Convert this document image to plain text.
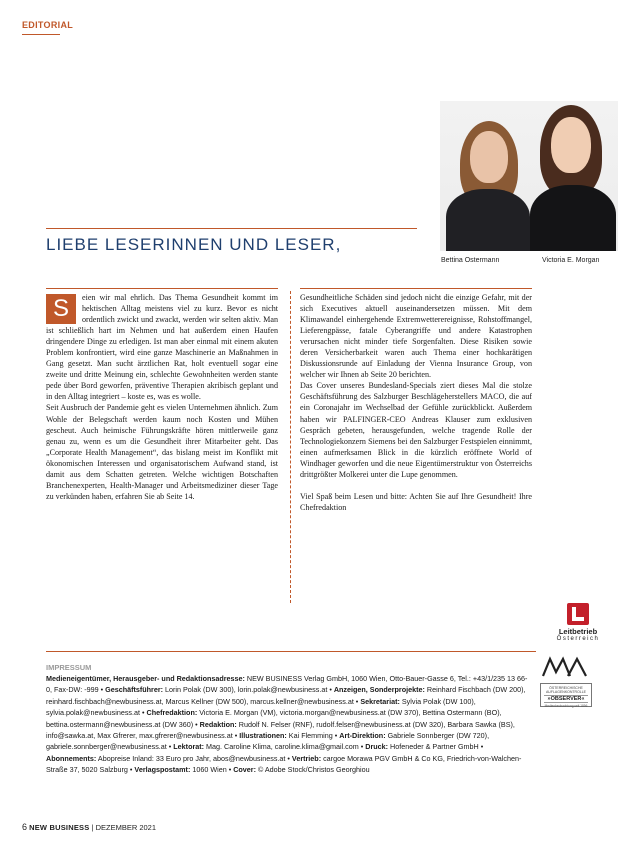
EDITORIAL
Bettina Ostermann	Victoria E. Morgan
LIEBE LESERINNEN UND LESER,
S	eien wir mal ehrlich. Das Thema Gesundheit kommt im hektischen Alltag meistens viel zu kurz. Bevor es nicht ordentlich zwickt und zwackt, werden wir selten aktiv. Man ist schließlich hart im Nehmen und hat außerdem einen Haufen dringendere Dinge zu erledigen. Ist man aber einmal mit einem akuten Problem konfrontiert, wird eine ganze Maschinerie an Maßnahmen in Gang gesetzt. Man sucht ärztlichen Rat, holt eventuell sogar eine zweite und dritte Meinung ein, schlechte Gewohnheiten werden stante pede über Bord geworfen, präventive Therapien akribisch geplant und in den Alltag integriert – koste es, was es wolle.

Seit Ausbruch der Pandemie geht es vielen Unternehmen ähnlich. Zum Wohle der Belegschaft werden kaum noch Kosten und Mühen gescheut. Auch heimische Führungskräfte hören mittlerweile ganz genau zu, wenn es um die Gesundheit ihrer Mitarbeiter geht. Das „Corporate Health Management“, das bislang meist im Konflikt mit ökonomischen Interessen und organisatorischem Aufwand stand, ist damit aus dem Schatten getreten. Welche wichtigen Botschaften Branchenexperten, Health-Manager und Arbeitsmediziner dieser Tage zu verkünden haben, erfahren Sie ab Seite 14.

Gesundheitliche Schäden sind jedoch nicht die einzige Gefahr, mit der sich Executives aktuell auseinandersetzen müssen. Mit dem Klimawandel einhergehende Extremwetterereignisse, Rohstoffmangel, Lieferengpässe, fatale Cyberangriffe und andere Katastrophen verursachen nicht minder tiefe Sorgenfalten. Diese Risiken sowie deren Versicherbarkeit waren auch Thema einer hochkarätigen Diskussionsrunde auf Einladung der Vienna Insurance Group, von welcher wir Ihnen ab Seite 20 berichten.

Das Cover unseres Bundesland-Specials ziert dieses Mal die stolze Geschäftsführung des Salzburger Beschlägeherstellers MACO, die auf ein Coronajahr im Wechselbad der Gefühle zurückblickt. Außerdem haben wir PALFINGER-CEO Andreas Klauser zum exklusiven Gespräch gebeten, herausgefunden, welche tragende Rolle der Technologiekonzern Siemens bei den Salzburger Festspielen einnimmt, einen aufmerksamen Blick in die kürzlich eröffnete World of Windhager geworfen und die neue Eigentümerstruktur von Österreichs drittgrößter Molkerei unter die Lupe genommen.

Viel Spaß beim Lesen und bitte: Achten Sie auf Ihre Gesundheit! Ihre Chefredaktion

Leitbetrieb
Österreich
IMPRESSUM
Medieneigentümer, Herausgeber- und Redaktionsadresse: NEW BUSINESS Verlag GmbH, 1060 Wien, Otto-Bauer-Gasse 6, Tel.: +43/1/235 13 66-0, Fax-DW: -999 • Geschäftsführer: Lorin Polak (DW 300), lorin.polak@newbusiness.at • Anzeigen, Sonderprojekte: Reinhard Fischbach (DW 200), reinhard.fischbach@newbusiness.at, Marcus Kellner (DW 500), marcus.kellner@newbusiness.at • Sekretariat: Sylvia Polak (DW 100), sylvia.polak@newbusiness.at • Chefredaktion: Victoria E. Morgan (VM), victoria.morgan@newbusiness.at (DW 370), Bettina Ostermann (BO), bettina.ostermann@newbusiness.at (DW 360) • Redaktion: Rudolf N. Felser (RNF), rudolf.felser@newbusiness.at (DW 320), Barbara Sawka (BS), info@sawka.at, Max Gfrerer, max.gfrerer@newbusiness.at • Illustrationen: Kai Flemming • Art-Direktion: Gabriele Sonnberger (DW 720), gabriele.sonnberger@newbusiness.at • Lektorat: Mag. Caroline Klima, caroline.klima@gmail.com • Druck: Hofeneder & Partner GmbH • Abonnements: Abopreise Inland: 33 Euro pro Jahr, abos@newbusiness.at • Vertrieb: cargoe Morawa PGV GmbH & Co KG, Friedrich-von-Walchen-Straße 37, 5020 Salzburg • Verlagspostamt: 1060 Wien • Cover: © Adobe Stock/Christos Georghiou
ÖSTERREICHISCHE AUFLAGENKONTROLLE
»OBSERVER«
Medienbeobachtung seit 1896
6 NEW BUSINESS | DEZEMBER 2021
